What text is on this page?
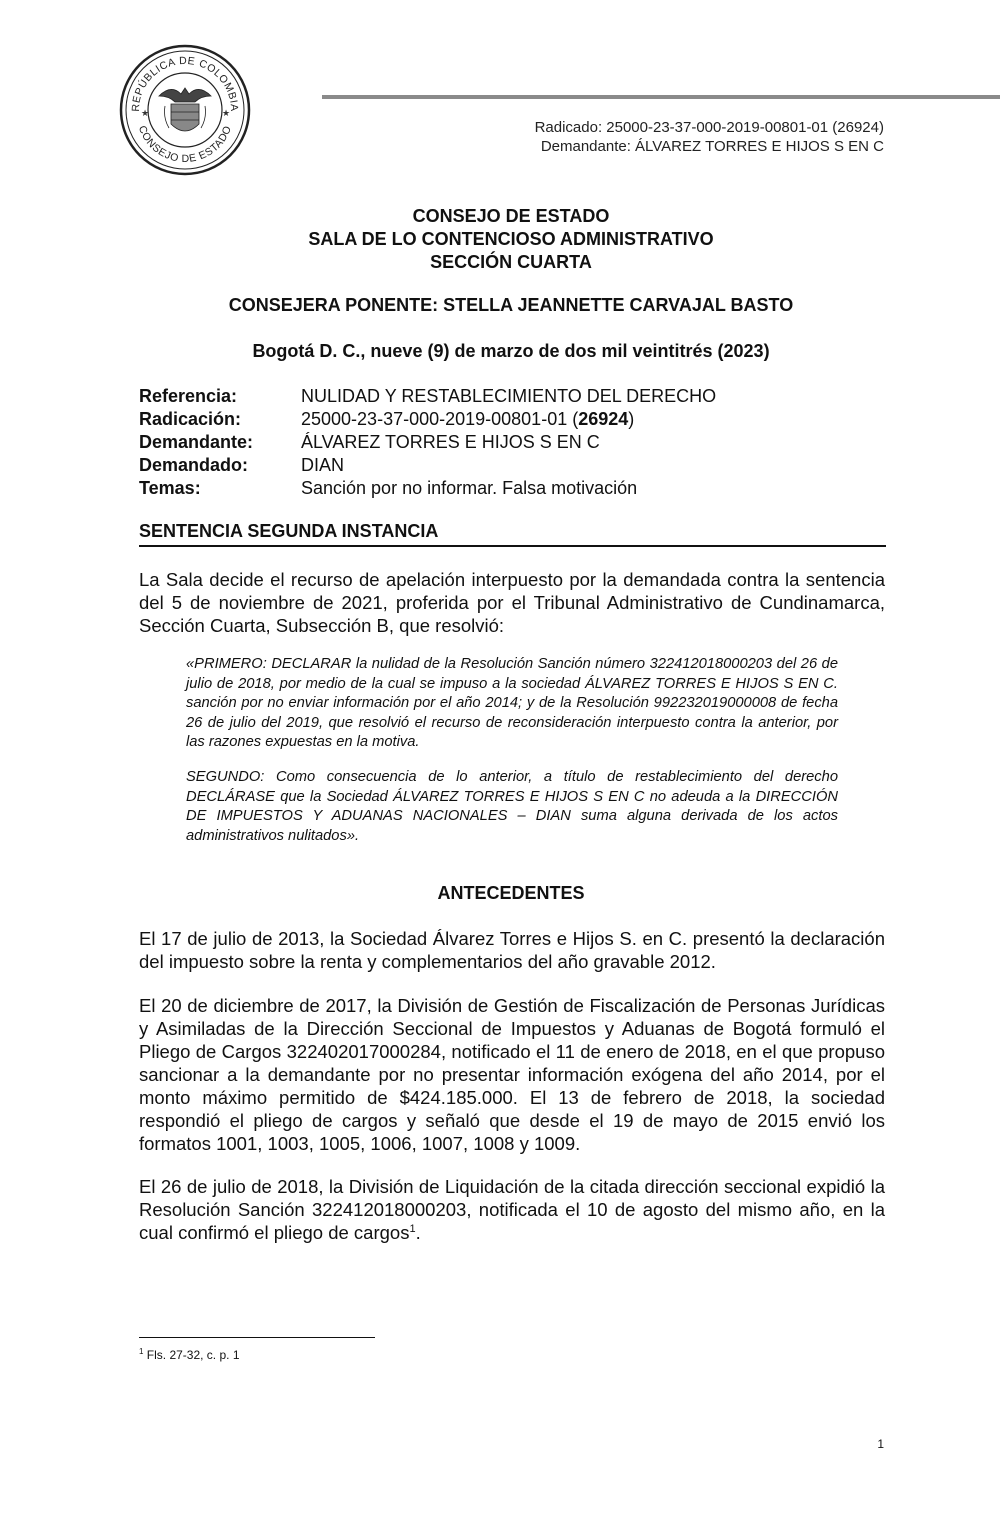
REPÚBLICA DE COLOMBIA
CONSEJO DE ESTADO
★	★
Radicado: 25000-23-37-000-2019-00801-01 (26924)
Demandante: ÁLVAREZ TORRES E HIJOS S EN C
CONSEJO DE ESTADO
SALA DE LO CONTENCIOSO ADMINISTRATIVO
SECCIÓN CUARTA
CONSEJERA PONENTE: STELLA JEANNETTE CARVAJAL BASTO
Bogotá D. C., nueve (9) de marzo de dos mil veintitrés (2023)
Referencia:	NULIDAD Y RESTABLECIMIENTO DEL DERECHO
Radicación:	25000-23-37-000-2019-00801-01 (26924)
Demandante:	ÁLVAREZ TORRES E HIJOS S EN C
Demandado:	DIAN
Temas:	Sanción por no informar. Falsa motivación
SENTENCIA SEGUNDA INSTANCIA
La Sala decide el recurso de apelación interpuesto por la demandada contra la sentencia del 5 de noviembre de 2021, proferida por el Tribunal Administrativo de Cundinamarca, Sección Cuarta, Subsección B, que resolvió:
«PRIMERO: DECLARAR la nulidad de la Resolución Sanción número 322412018000203 del 26 de julio de 2018, por medio de la cual se impuso a la sociedad ÁLVAREZ TORRES E HIJOS S EN C. sanción por no enviar información por el año 2014; y de la Resolución 992232019000008 de fecha 26 de julio del 2019, que resolvió el recurso de reconsideración interpuesto contra la anterior, por las razones expuestas en la motiva.
SEGUNDO: Como consecuencia de lo anterior, a título de restablecimiento del derecho DECLÁRASE que la Sociedad ÁLVAREZ TORRES E HIJOS S EN C no adeuda a la DIRECCIÓN DE IMPUESTOS Y ADUANAS NACIONALES – DIAN suma alguna derivada de los actos administrativos nulitados».
ANTECEDENTES
El 17 de julio de 2013, la Sociedad Álvarez Torres e Hijos S. en C. presentó la declaración del impuesto sobre la renta y complementarios del año gravable 2012.
El 20 de diciembre de 2017, la División de Gestión de Fiscalización de Personas Jurídicas y Asimiladas de la Dirección Seccional de Impuestos y Aduanas de Bogotá formuló el Pliego de Cargos 322402017000284, notificado el 11 de enero de 2018, en el que propuso sancionar a la demandante por no presentar información exógena del año 2014, por el monto máximo permitido de $424.185.000. El 13 de febrero de 2018, la sociedad respondió el pliego de cargos y señaló que desde el 19 de mayo de 2015 envió los formatos 1001, 1003, 1005, 1006, 1007, 1008 y 1009.
El 26 de julio de 2018, la División de Liquidación de la citada dirección seccional expidió la Resolución Sanción 322412018000203, notificada el 10 de agosto del mismo año, en la cual confirmó el pliego de cargos$^1$.
$^1$ Fls. 27-32, c. p. 1
1
